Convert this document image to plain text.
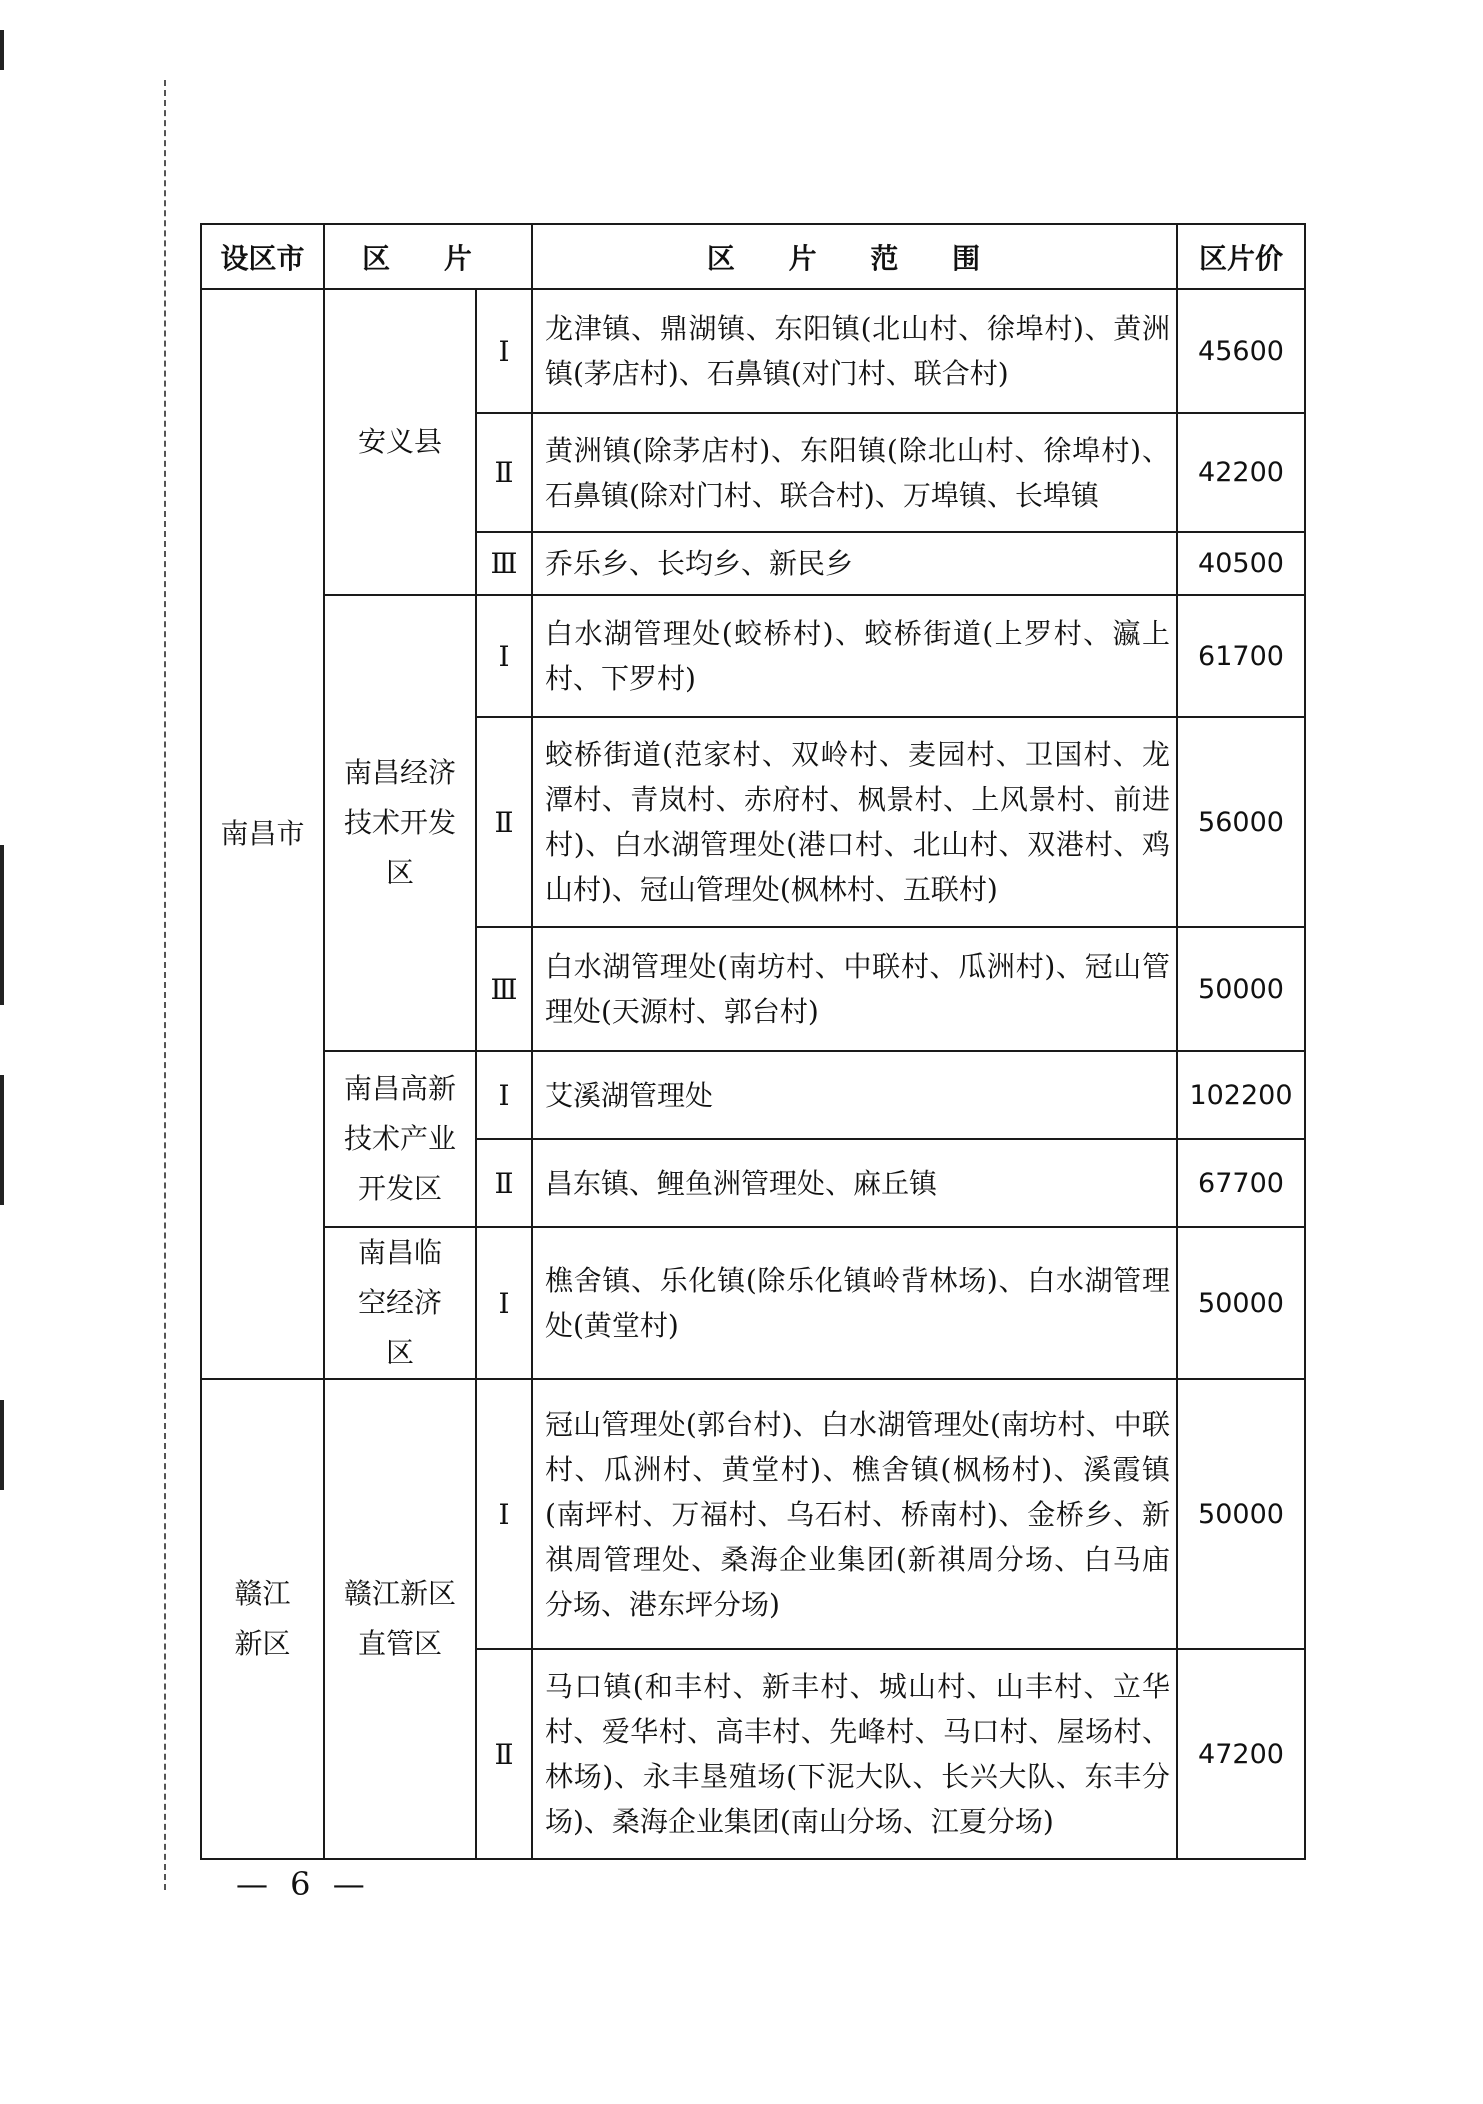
设区市	区 片		区 片 范 围	区片价
南昌市	安义县	Ⅰ	龙津镇、鼎湖镇、东阳镇(北山村、徐埠村)、黄洲镇(茅店村)、石鼻镇(对门村、联合村)	45600
		Ⅱ	黄洲镇(除茅店村)、东阳镇(除北山村、徐埠村)、石鼻镇(除对门村、联合村)、万埠镇、长埠镇	42200
		Ⅲ	乔乐乡、长均乡、新民乡	40500
	南昌经济技术开发区	Ⅰ	白水湖管理处(蛟桥村)、蛟桥街道(上罗村、瀛上村、下罗村)	61700
		Ⅱ	蛟桥街道(范家村、双岭村、麦园村、卫国村、龙潭村、青岚村、赤府村、枫景村、上风景村、前进村)、白水湖管理处(港口村、北山村、双港村、鸡山村)、冠山管理处(枫林村、五联村)	56000
		Ⅲ	白水湖管理处(南坊村、中联村、瓜洲村)、冠山管理处(天源村、郭台村)	50000
	南昌高新技术产业开发区	Ⅰ	艾溪湖管理处	102200
		Ⅱ	昌东镇、鲤鱼洲管理处、麻丘镇	67700
	南昌临空经济区	Ⅰ	樵舍镇、乐化镇(除乐化镇岭背林场)、白水湖管理处(黄堂村)	50000
赣江新区	赣江新区直管区	Ⅰ	冠山管理处(郭台村)、白水湖管理处(南坊村、中联村、瓜洲村、黄堂村)、樵舍镇(枫杨村)、溪霞镇(南坪村、万福村、乌石村、桥南村)、金桥乡、新祺周管理处、桑海企业集团(新祺周分场、白马庙分场、港东坪分场)	50000
		Ⅱ	马口镇(和丰村、新丰村、城山村、山丰村、立华村、爱华村、高丰村、先峰村、马口村、屋场村、林场)、永丰垦殖场(下泥大队、长兴大队、东丰分场)、桑海企业集团(南山分场、江夏分场)	47200
— 6 —
